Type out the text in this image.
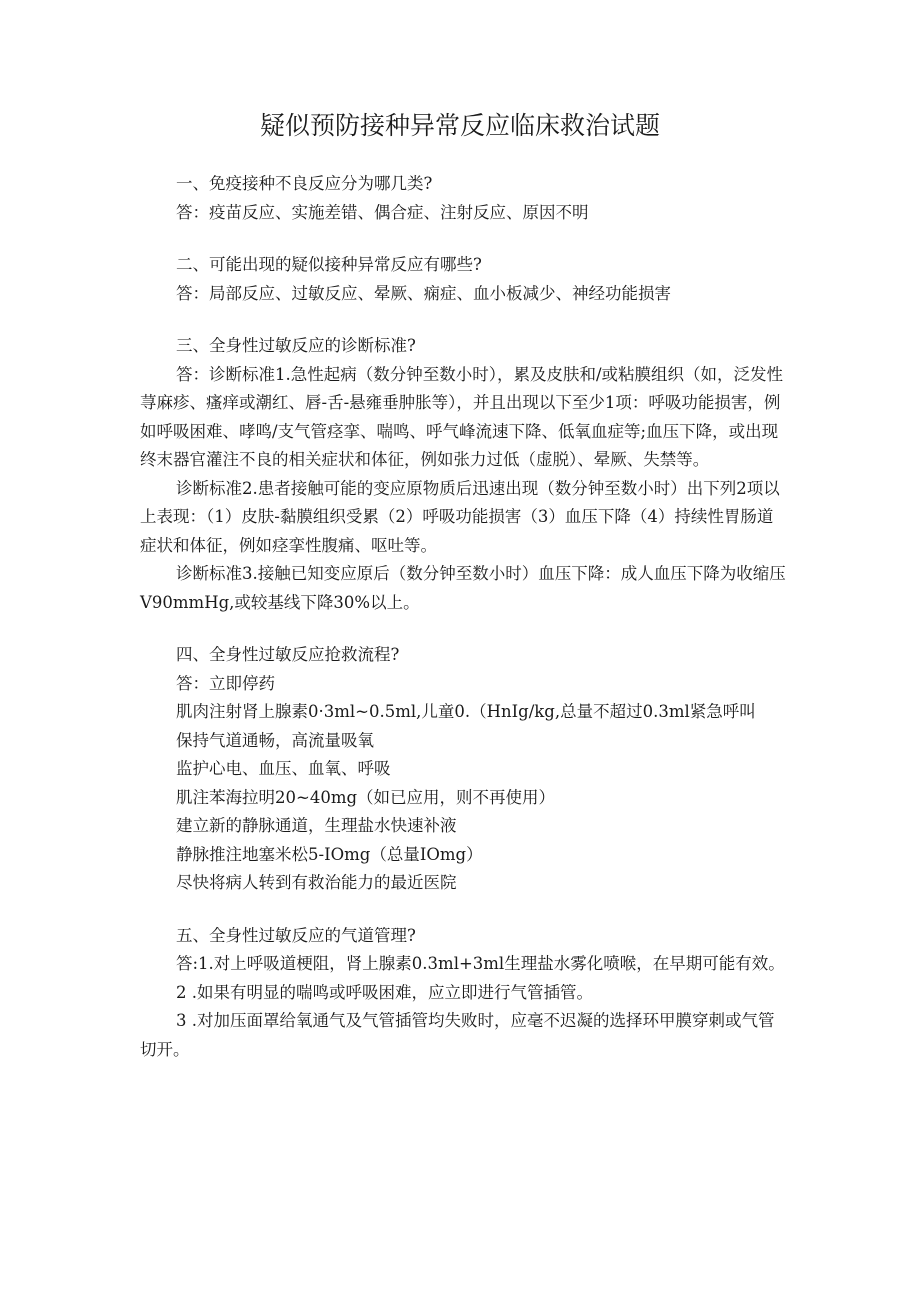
疑似预防接种异常反应临床救治试题

一、免疫接种不良反应分为哪几类?

答：疫苗反应、实施差错、偶合症、注射反应、原因不明

二、可能出现的疑似接种异常反应有哪些?

答：局部反应、过敏反应、晕厥、痫症、血小板减少、神经功能损害

三、全身性过敏反应的诊断标准?

答：诊断标准1.急性起病（数分钟至数小时），累及皮肤和/或粘膜组织（如，泛发性荨麻疹、瘙痒或潮红、唇-舌-悬雍垂肿胀等），并且出现以下至少1项：呼吸功能损害，例如呼吸困难、哮鸣/支气管痉挛、喘鸣、呼气峰流速下降、低氧血症等;血压下降，或出现终末器官灌注不良的相关症状和体征，例如张力过低（虚脱）、晕厥、失禁等。

诊断标准2.患者接触可能的变应原物质后迅速出现（数分钟至数小时）出下列2项以上表现：（1）皮肤-黏膜组织受累（2）呼吸功能损害（3）血压下降（4）持续性胃肠道症状和体征，例如痉挛性腹痛、呕吐等。

诊断标准3.接触已知变应原后（数分钟至数小时）血压下降：成人血压下降为收缩压V90mmHg,或较基线下降30%以上。

四、全身性过敏反应抢救流程?

答：立即停药

肌肉注射肾上腺素0·3ml~0.5ml,儿童0.（HnIg/kg,总量不超过0.3ml紧急呼叫

保持气道通畅，高流量吸氧

监护心电、血压、血氧、呼吸

肌注苯海拉明20~40mg（如已应用，则不再使用）

建立新的静脉通道，生理盐水快速补液

静脉推注地塞米松5-IOmg（总量IOmg）

尽快将病人转到有救治能力的最近医院

五、全身性过敏反应的气道管理?

答:1.对上呼吸道梗阻，肾上腺素0.3ml+3ml生理盐水雾化喷喉，在早期可能有效。

2 .如果有明显的喘鸣或呼吸困难，应立即进行气管插管。

3 .对加压面罩给氧通气及气管插管均失败时，应毫不迟凝的选择环甲膜穿刺或气管切开。
